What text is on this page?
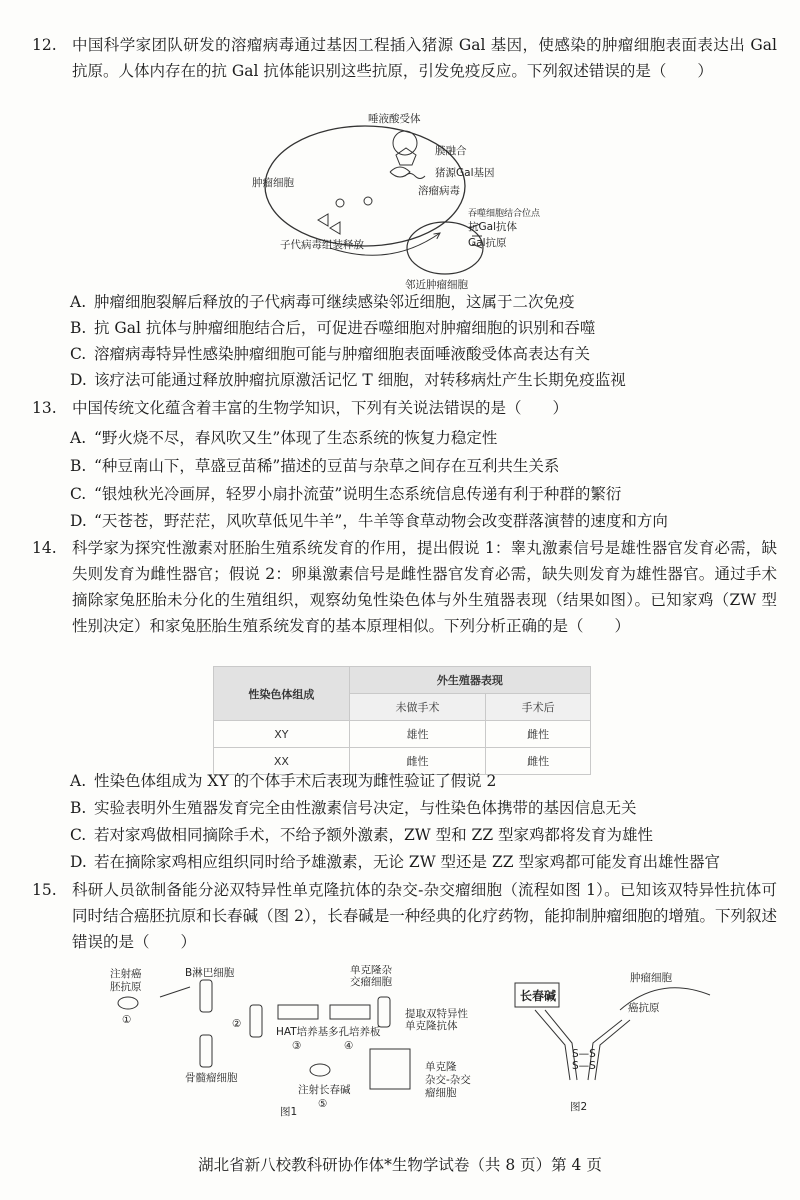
12. 中国科学家团队研发的溶瘤病毒通过基因工程插入猪源 Gal 基因，使感染的肿瘤细胞表面表达出 Gal 抗原。人体内存在的抗 Gal 抗体能识别这些抗原，引发免疫反应。下列叙述错误的是（　　）
唾液酸受体
膜融合
猪源Gal基因
溶瘤病毒
肿瘤细胞
子代病毒组装释放
吞噬细胞结合位点
抗Gal抗体
Gal抗原
邻近肿瘤细胞
A. 肿瘤细胞裂解后释放的子代病毒可继续感染邻近细胞，这属于二次免疫
B. 抗 Gal 抗体与肿瘤细胞结合后，可促进吞噬细胞对肿瘤细胞的识别和吞噬
C. 溶瘤病毒特异性感染肿瘤细胞可能与肿瘤细胞表面唾液酸受体高表达有关
D. 该疗法可能通过释放肿瘤抗原激活记忆 T 细胞，对转移病灶产生长期免疫监视
13. 中国传统文化蕴含着丰富的生物学知识，下列有关说法错误的是（　　）
A. “野火烧不尽，春风吹又生”体现了生态系统的恢复力稳定性
B. “种豆南山下，草盛豆苗稀”描述的豆苗与杂草之间存在互利共生关系
C. “银烛秋光冷画屏，轻罗小扇扑流萤”说明生态系统信息传递有利于种群的繁衍
D. “天苍苍，野茫茫，风吹草低见牛羊”，牛羊等食草动物会改变群落演替的速度和方向
14. 科学家为探究性激素对胚胎生殖系统发育的作用，提出假说 1：睾丸激素信号是雄性器官发育必需，缺失则发育为雌性器官；假说 2：卵巢激素信号是雌性器官发育必需，缺失则发育为雄性器官。通过手术摘除家兔胚胎未分化的生殖组织，观察幼兔性染色体与外生殖器表现（结果如图）。已知家鸡（ZW 型性别决定）和家兔胚胎生殖系统发育的基本原理相似。下列分析正确的是（　　）
性染色体组成	外生殖器表现	
	未做手术	手术后
XY	雄性	雌性
XX	雌性	雌性
A. 性染色体组成为 XY 的个体手术后表现为雌性验证了假说 2
B. 实验表明外生殖器发育完全由性激素信号决定，与性染色体携带的基因信息无关
C. 若对家鸡做相同摘除手术，不给予额外激素，ZW 型和 ZZ 型家鸡都将发育为雄性
D. 若在摘除家鸡相应组织同时给予雄激素，无论 ZW 型还是 ZZ 型家鸡都可能发育出雄性器官
15. 科研人员欲制备能分泌双特异性单克隆抗体的杂交-杂交瘤细胞（流程如图 1）。已知该双特异性抗体可同时结合癌胚抗原和长春碱（图 2），长春碱是一种经典的化疗药物，能抑制肿瘤细胞的增殖。下列叙述错误的是（　　）
注射癌
胚抗原
①
B淋巴细胞
骨髓瘤细胞
②
HAT培养基
③
多孔培养板
④
单克隆杂
交瘤细胞
提取双特异性
单克隆抗体
注射长春碱
⑤
单克隆
杂交-杂交
瘤细胞
图1
长春碱
肿瘤细胞
癌抗原
S—S
S—S
图2
湖北省新八校教科研协作体*生物学试卷（共 8 页）第 4 页
